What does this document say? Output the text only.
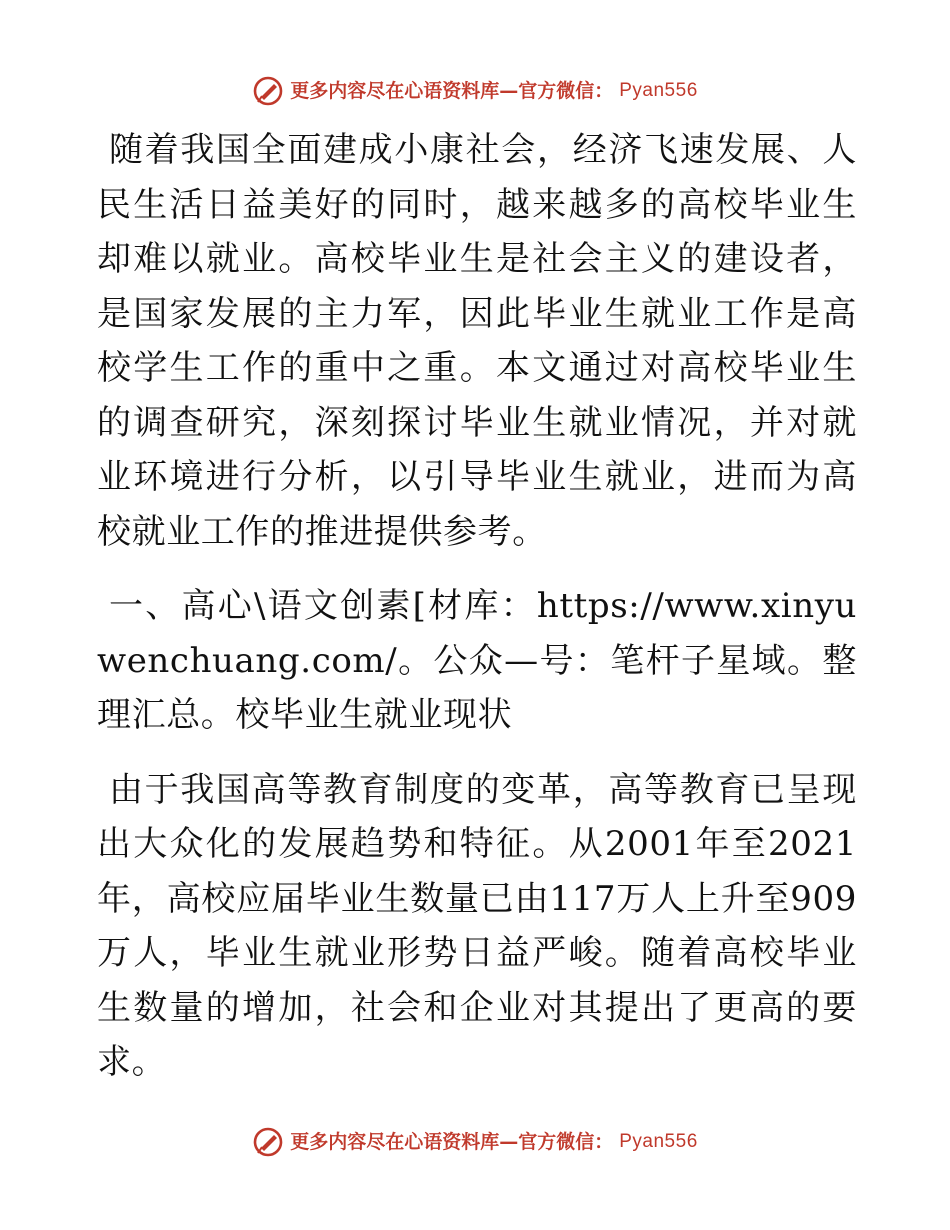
更多内容尽在心语资料库—官方微信： Pyan556

随着我国全面建成小康社会，经济飞速发展、人民生活日益美好的同时，越来越多的高校毕业生却难以就业。高校毕业生是社会主义的建设者，是国家发展的主力军，因此毕业生就业工作是高校学生工作的重中之重。本文通过对高校毕业生的调查研究，深刻探讨毕业生就业情况，并对就业环境进行分析，以引导毕业生就业，进而为高校就业工作的推进提供参考。

一、高心\语文创素[材库：https://www.xinyuwenchuang.com/。公众—号：笔杆子星域。整理汇总。校毕业生就业现状

由于我国高等教育制度的变革，高等教育已呈现出大众化的发展趋势和特征。从2001年至2021年，高校应届毕业生数量已由117万人上升至909万人，毕业生就业形势日益严峻。随着高校毕业生数量的增加，社会和企业对其提出了更高的要求。

更多内容尽在心语资料库—官方微信： Pyan556
